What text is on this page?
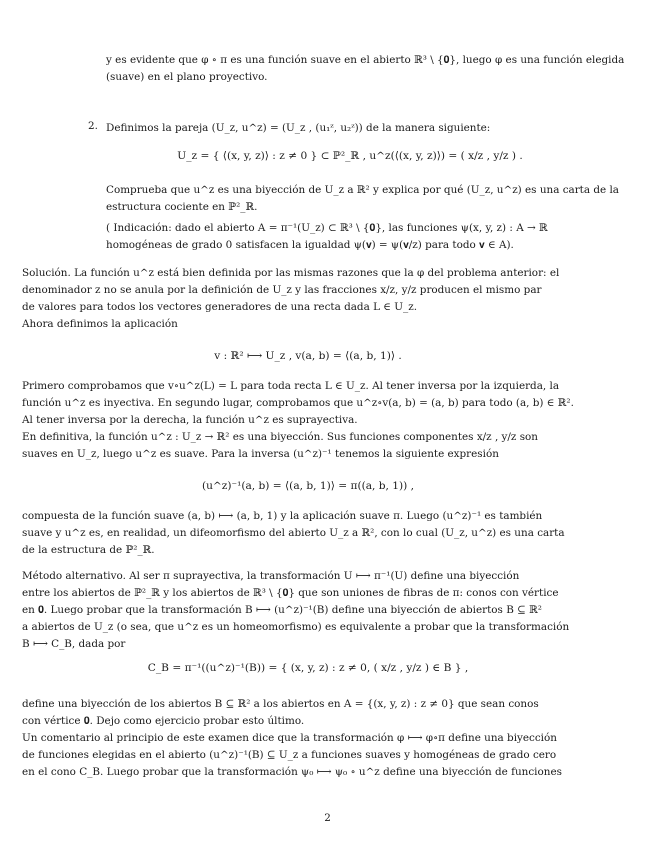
y es evidente que φ ∘ π es una función suave en el abierto ℝ³ \ {𝟎}, luego φ es una función elegida
(suave) en el plano proyectivo.
2. Definimos la pareja (U_z, u^z) = (U_z , (u₁ᶻ, u₂ᶻ)) de la manera siguiente:
U_z = { ⟨(x, y, z)⟩ : z ≠ 0 } ⊂ ℙ²_ℝ , u^z(⟨(x, y, z)⟩) = ( x/z , y/z ) .
Comprueba que u^z es una biyección de U_z a ℝ² y explica por qué (U_z, u^z) es una carta de la
estructura cociente en ℙ²_ℝ.
( Indicación: dado el abierto A = π⁻¹(U_z) ⊂ ℝ³ \ {𝟎}, las funciones ψ(x, y, z) : A → ℝ
homogéneas de grado 0 satisfacen la igualdad ψ(𝐯) = ψ(𝐯/z) para todo 𝐯 ∈ A).
Solución. La función u^z está bien definida por las mismas razones que la φ del problema anterior: el
denominador z no se anula por la definición de U_z y las fracciones x/z, y/z producen el mismo par
de valores para todos los vectores generadores de una recta dada L ∈ U_z.
Ahora definimos la aplicación
v : ℝ² ⟼ U_z , v(a, b) = ⟨(a, b, 1)⟩ .
Primero comprobamos que v∘u^z(L) = L para toda recta L ∈ U_z. Al tener inversa por la izquierda, la
función u^z es inyectiva. En segundo lugar, comprobamos que u^z∘v(a, b) = (a, b) para todo (a, b) ∈ ℝ².
Al tener inversa por la derecha, la función u^z es suprayectiva.
En definitiva, la función u^z : U_z → ℝ² es una biyección. Sus funciones componentes x/z , y/z son
suaves en U_z, luego u^z es suave. Para la inversa (u^z)⁻¹ tenemos la siguiente expresión
(u^z)⁻¹(a, b) = ⟨(a, b, 1)⟩ = π((a, b, 1)) ,
compuesta de la función suave (a, b) ⟼ (a, b, 1) y la aplicación suave π. Luego (u^z)⁻¹ es también
suave y u^z es, en realidad, un difeomorfismo del abierto U_z a ℝ², con lo cual (U_z, u^z) es una carta
de la estructura de ℙ²_ℝ.
Método alternativo. Al ser π suprayectiva, la transformación U ⟼ π⁻¹(U) define una biyección
entre los abiertos de ℙ²_ℝ y los abiertos de ℝ³ \ {𝟎} que son uniones de fibras de π: conos con vértice
en 𝟎. Luego probar que la transformación B ⟼ (u^z)⁻¹(B) define una biyección de abiertos B ⊆ ℝ²
a abiertos de U_z (o sea, que u^z es un homeomorfismo) es equivalente a probar que la transformación
B ⟼ C_B, dada por
C_B = π⁻¹((u^z)⁻¹(B)) = { (x, y, z) : z ≠ 0, ( x/z , y/z ) ∈ B } ,
define una biyección de los abiertos B ⊆ ℝ² a los abiertos en A = {(x, y, z) : z ≠ 0} que sean conos
con vértice 𝟎. Dejo como ejercicio probar esto último.
Un comentario al principio de este examen dice que la transformación φ ⟼ φ∘π define una biyección
de funciones elegidas en el abierto (u^z)⁻¹(B) ⊆ U_z a funciones suaves y homogéneas de grado cero
en el cono C_B. Luego probar que la transformación ψ₀ ⟼ ψ₀ ∘ u^z define una biyección de funciones
2
